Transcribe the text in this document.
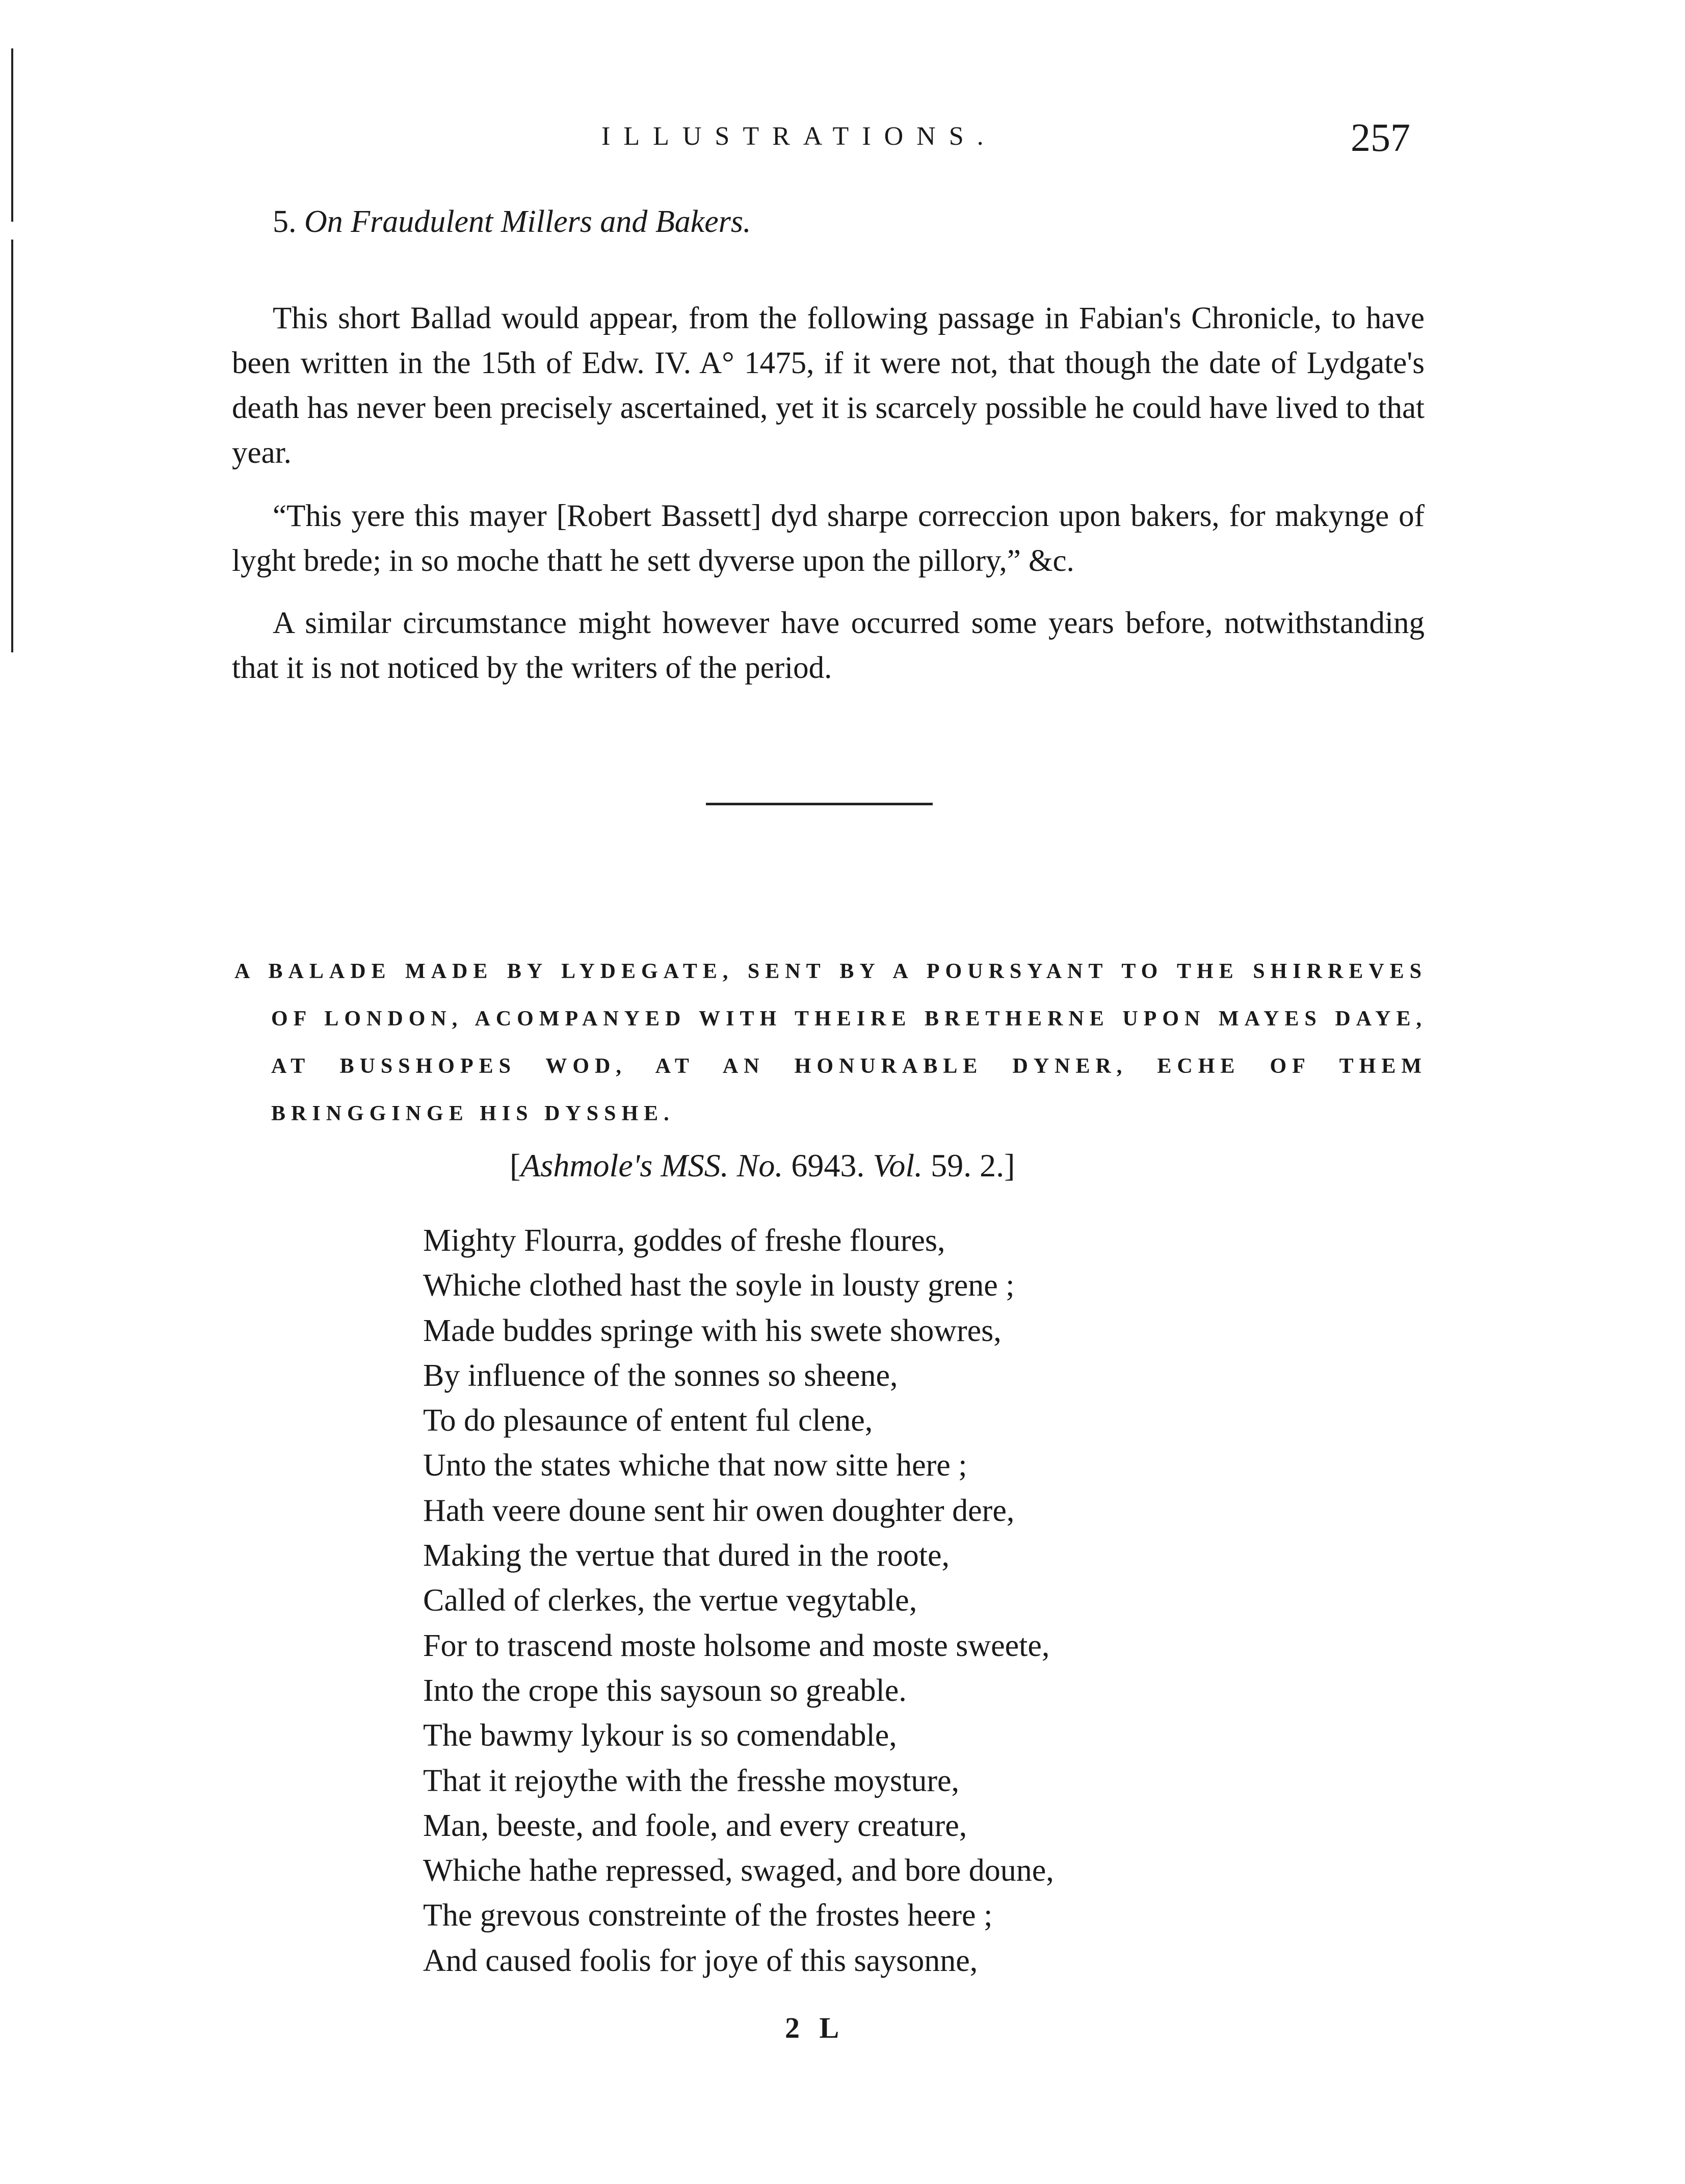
ILLUSTRATIONS.	257
5. On Fraudulent Millers and Bakers.

This short Ballad would appear, from the following passage in Fabian's Chronicle, to have been written in the 15th of Edw. IV. A° 1475, if it were not, that though the date of Lydgate's death has never been precisely ascertained, yet it is scarcely possible he could have lived to that year.

“This yere this mayer [Robert Bassett] dyd sharpe correccion upon bakers, for makynge of lyght brede; in so moche thatt he sett dyverse upon the pillory,” &c.

A similar circumstance might however have occurred some years before, notwithstanding that it is not noticed by the writers of the period.

A BALADE MADE BY LYDEGATE, SENT BY A POURSYANT TO THE SHIRREVES OF LONDON, ACOMPANYED WITH THEIRE BRETHERNE UPON MAYES DAYE, AT BUSSHOPES WOD, AT AN HONURABLE DYNER, ECHE OF THEM BRINGGINGE HIS DYSSHE.
[Ashmole's MSS. No. 6943. Vol. 59. 2.]
Mighty Flourra, goddes of freshe floures,
Whiche clothed hast the soyle in lousty grene ;
Made buddes springe with his swete showres,
By influence of the sonnes so sheene,
To do plesaunce of entent ful clene,
Unto the states whiche that now sitte here ;
Hath veere doune sent hir owen doughter dere,
Making the vertue that dured in the roote,
Called of clerkes, the vertue vegytable,
For to trascend moste holsome and moste sweete,
Into the crope this saysoun so greable.
The bawmy lykour is so comendable,
That it rejoythe with the fresshe moysture,
Man, beeste, and foole, and every creature,
Whiche hathe repressed, swaged, and bore doune,
The grevous constreinte of the frostes heere ;
And caused foolis for joye of this saysonne,
2 L
